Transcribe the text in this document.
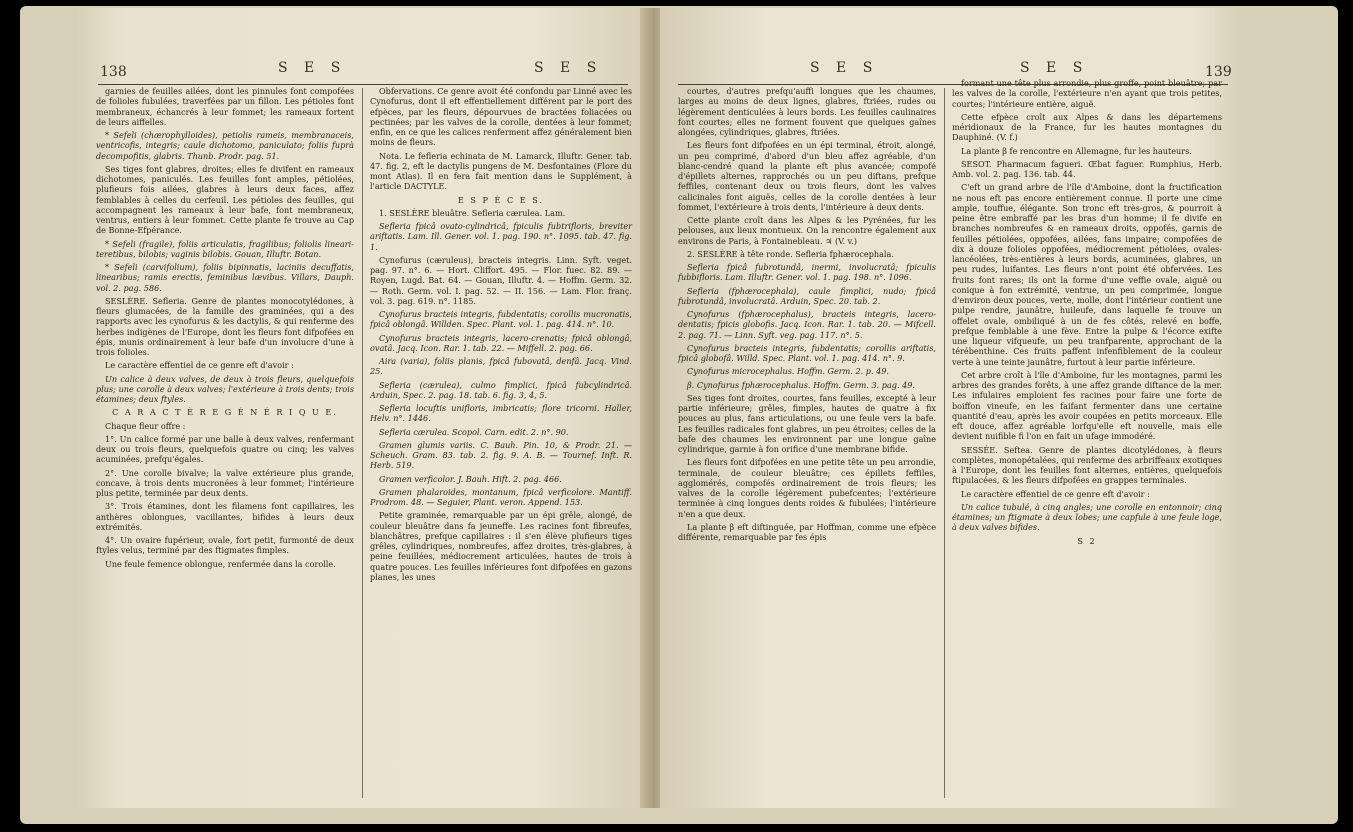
138	S E S	S E S

garnies de feuilles ailées, dont les pinnules font compofées de folioles fubulées, traverfées par un fillon. Les pétioles font membraneux, échancrés à leur fommet; les rameaux fortent de leurs aiffelles.

* Sefeli (chærophylloides), petiolis rameis, membranaceis, ventricofis, integris; caule dichotomo, paniculato; foliis fuprà decompofitis, glabris. Thunb. Prodr. pag. 51.

Ses tiges font glabres, droites; elles fe divifent en rameaux dichotomes, paniculés. Les feuilles font amples, pétiolées, plufieurs fois ailées, glabres à leurs deux faces, affez femblables à celles du cerfeuil. Les pétioles des feuilles, qui accompagnent les rameaux à leur bafe, font membraneux, ventrus, entiers à leur fommet. Cette plante fe trouve au Cap de Bonne-Efpérance.

* Sefeli (fragile), foliis articulatis, fragilibus; foliolis lineari-teretibus, bilobis; vaginis bilobis. Gouan, Illuftr. Botan.

* Sefeli (carvifolium), foliis bipinnatis, laciniis decuffatis, linearibus; ramis erectis, feminibus lævibus. Villars, Dauph. vol. 2. pag. 586.

SESLÈRE. Sefleria. Genre de plantes monocotylédones, à fleurs glumacées, de la famille des graminées, qui a des rapports avec les cynofurus & les dactylis, & qui renferme des herbes indigènes de l'Europe, dont les fleurs font difpofées en épis, munis ordinairement à leur bafe d'un involucre d'une à trois folioles.

Le caractère effentiel de ce genre eft d'avoir :

Un calice à deux valves, de deux à trois fleurs, quelquefois plus; une corolle à deux valves; l'extérieure à trois dents; trois étamines; deux ftyles.

C A R A C T È R E G É N É R I Q U E.

Chaque fleur offre :

1°. Un calice formé par une balle à deux valves, renfermant deux ou trois fleurs, quelquefois quatre ou cinq; les valves acuminées, prefqu'égales.

2°. Une corolle bivalve; la valve extérieure plus grande, concave, à trois dents mucronées à leur fommet; l'intérieure plus petite, terminée par deux dents.

3°. Trois étamines, dont les filamens font capillaires, les anthères oblongues, vacillantes, bifides à leurs deux extrémités.

4°. Un ovaire fupérieur, ovale, fort petit, furmonté de deux ftyles velus, terminé par des ftigmates fimples.

Une feule femence oblongue, renfermée dans la corolle.

Obfervations. Ce genre avoit été confondu par Linné avec les Cynofurus, dont il eft effentiellement différent par le port des efpèces, par les fleurs, dépourvues de bractées foliacées ou pectinées; par les valves de la corolle, dentées à leur fommet; enfin, en ce que les calices renferment affez généralement bien moins de fleurs.

Nota. Le fefleria echinata de M. Lamarck, Illuftr. Gener. tab. 47. fig. 2, eft le dactylis pungens de M. Desfontaines (Flore du mont Atlas). Il en fera fait mention dans le Supplément, à l'article DACTYLE.

E S P È C E S.

1. SESLÈRE bleuâtre. Sefleria cærulea. Lam.

Sefleria fpicâ ovato-cylindricâ, fpiculis fubtrifloris, breviter ariftatis. Lam. Ill. Gener. vol. 1. pag. 190. n°. 1095. tab. 47. fig. 1.

Cynofurus (cæruleus), bracteis integris. Linn. Syft. veget. pag. 97. n°. 6. — Hort. Cliffort. 495. — Flor. fuec. 82. 89. — Royen, Lugd. Bat. 64. — Gouan, Illuftr. 4. — Hoffm. Germ. 32. — Roth. Germ. vol. I. pag. 52. — II. 156. — Lam. Flor. franç. vol. 3. pag. 619. n°. 1185.

Cynofurus bracteis integris, fubdentatis; corollis mucronatis, fpicâ oblongâ. Willden. Spec. Plant. vol. 1. pag. 414. n°. 10.

Cynofurus bracteis integris, lacero-crenatis; fpicâ oblongâ, ovatâ. Jacq. Icon. Rar. 1. tab. 22. — Miffell. 2. pag. 66.

Aira (varia), foliis planis, fpicâ fubovatâ, denfâ. Jacq. Vind. 25.

Sefleria (cærulea), culmo fimplici, fpicâ fubcylindricâ. Arduin, Spec. 2. pag. 18. tab. 6. fig. 3, 4, 5.

Sefleria locuftis unifloris, imbricatis; flore tricorni. Haller, Helv. n°. 1446.

Sefleria cærulea. Scopol. Carn. edit. 2. n°. 90.

Gramen glumis variis. C. Bauh. Pin. 10, & Prodr. 21. — Scheuch. Gram. 83. tab. 2. fig. 9. A. B. — Tournef. Inft. R. Herb. 519.

Gramen verficolor. J. Bauh. Hift. 2. pag. 466.

Gramen phalaroides, montanum, fpicâ verficolore. Mantiff. Prodrom. 48. — Seguier, Plant. veron. Append. 153.

Petite graminée, remarquable par un épi grêle, alongé, de couleur bleuâtre dans fa jeuneffe. Les racines font fibreufes, blanchâtres, prefque capillaires : il s'en élève plufieurs tiges grêles, cylindriques, nombreufes, affez droites, très-glabres, à peine feuillées, médiocrement articulées, hautes de trois à quatre pouces. Les feuilles inférieures font difpofées en gazons planes, les unes

S E S	S E S	139

courtes, d'autres prefqu'auffi longues que les chaumes, larges au moins de deux lignes, glabres, ftriées, rudes ou légèrement denticulées à leurs bords. Les feuilles caulinaires font courtes; elles ne forment fouvent que quelques gaînes alongées, cylindriques, glabres, ftriées.

Les fleurs font difpofées en un épi terminal, étroit, alongé, un peu comprimé, d'abord d'un bleu affez agréable, d'un blanc-cendré quand la plante eft plus avancée; compofé d'épillets alternes, rapprochés ou un peu diftans, prefque feffiles, contenant deux ou trois fleurs, dont les valves calicinales font aiguës, celles de la corolle dentées à leur fommet, l'extérieure à trois dents, l'intérieure à deux dents.

Cette plante croît dans les Alpes & les Pyrénées, fur les pelouses, aux lieux montueux. On la rencontre également aux environs de Paris, à Fontainebleau. ♃ (V. v.)

2. SESLÈRE à tête ronde. Sefleria fphærocephala.

Sefleria fpicâ fubrotundâ, inermi, involucratâ; fpiculis fubbifloris. Lam. Illuftr. Gener. vol. 1. pag. 198. n°. 1096.

Sefleria (fphærocephala), caule fimplici, nudo; fpicâ fubrotundâ, involucratâ. Arduin, Spec. 20. tab. 2.

Cynofurus (fphærocephalus), bracteis integris, lacero-dentatis; fpicis globofis. Jacq. Icon. Rar. 1. tab. 20. — Mifcell. 2. pag. 71. — Linn. Syft. veg. pag. 117. n°. 5.

Cynofurus bracteis integris, fubdentatis; corollis ariftatis, fpicâ globofâ. Willd. Spec. Plant. vol. 1. pag. 414. n°. 9.

Cynofurus microcephalus. Hoffm. Germ. 2. p. 49.

β. Cynofurus fphærocephalus. Hoffm. Germ. 3. pag. 49.

Ses tiges font droites, courtes, fans feuilles, excepté à leur partie inférieure; grêles, fimples, hautes de quatre à fix pouces au plus, fans articulations, ou une feule vers la bafe. Les feuilles radicales font glabres, un peu étroites; celles de la bafe des chaumes les environnent par une longue gaîne cylindrique, garnie à fon orifice d'une membrane bifide.

Les fleurs font difpofées en une petite tête un peu arrondie, terminale, de couleur bleuâtre; ces épillets feffiles, agglomérés, compofés ordinairement de trois fleurs; les valves de la corolle légèrement pubefcentes; l'extérieure terminée à cinq longues dents roides & fubulées; l'intérieure n'en a que deux.

La plante β eft diftinguée, par Hoffman, comme une efpèce différente, remarquable par fes épis

formant une tête plus arrondie, plus groffe, point bleuâtre; par les valves de la corolle, l'extérieure n'en ayant que trois petites, courtes; l'intérieure entière, aiguë.

Cette efpèce croît aux Alpes & dans les départemens méridionaux de la France, fur les hautes montagnes du Dauphiné. (V. f.)

La plante β fe rencontre en Allemagne, fur les hauteurs.

SESOT. Pharmacum fagueri. Œbat faguer. Rumphius, Herb. Amb. vol. 2. pag. 136. tab. 44.

C'eft un grand arbre de l'île d'Amboine, dont la fructification ne nous eft pas encore entièrement connue. Il porte une cime ample, touffue, élégante. Son tronc eft très-gros, & pourroit à peine être embraffé par les bras d'un homme; il fe divife en branches nombreufes & en rameaux droits, oppofés, garnis de feuilles pétiolées, oppofées, ailées, fans impaire; compofées de dix à douze folioles oppofées, médiocrement pétiolées, ovales-lancéolées, très-entières à leurs bords, acuminées, glabres, un peu rudes, luifantes. Les fleurs n'ont point été obfervées. Les fruits font rares; ils ont la forme d'une veffie ovale, aiguë ou conique à fon extrémité, ventrue, un peu comprimée, longue d'environ deux pouces, verte, molle, dont l'intérieur contient une pulpe rendre, jaunâtre, huileufe, dans laquelle fe trouve un offelet ovale, ombiliqué à un de fes côtés, relevé en boffe, prefque femblable à une fève. Entre la pulpe & l'écorce exifte une liqueur vifqueufe, un peu tranfparente, approchant de la térébenthine. Ces fruits paffent infenfiblement de la couleur verte à une teinte jaunâtre, furtout à leur partie inférieure.

Cet arbre croît à l'île d'Amboine, fur les montagnes, parmi les arbres des grandes forêts, à une affez grande diftance de la mer. Les infulaires emploient fes racines pour faire une forte de boiffon vineufe, en les faifant fermenter dans une certaine quantité d'eau, après les avoir coupées en petits morceaux. Elle eft douce, affez agréable lorfqu'elle eft nouvelle, mais elle devient nuifible fi l'on en fait un ufage immodéré.

SESSÉE. Seftea. Genre de plantes dicotylédones, à fleurs complètes, monopétalées, qui renferme des arbriffeaux exotiques à l'Europe, dont les feuilles font alternes, entières, quelquefois ftipulacées, & les fleurs difpofées en grappes terminales.

Le caractère effentiel de ce genre eft d'avoir :

Un calice tubulé, à cinq angles; une corolle en entonnoir; cinq étamines; un ftigmate à deux lobes; une capfule à une feule loge, à deux valves bifides.

S 2
